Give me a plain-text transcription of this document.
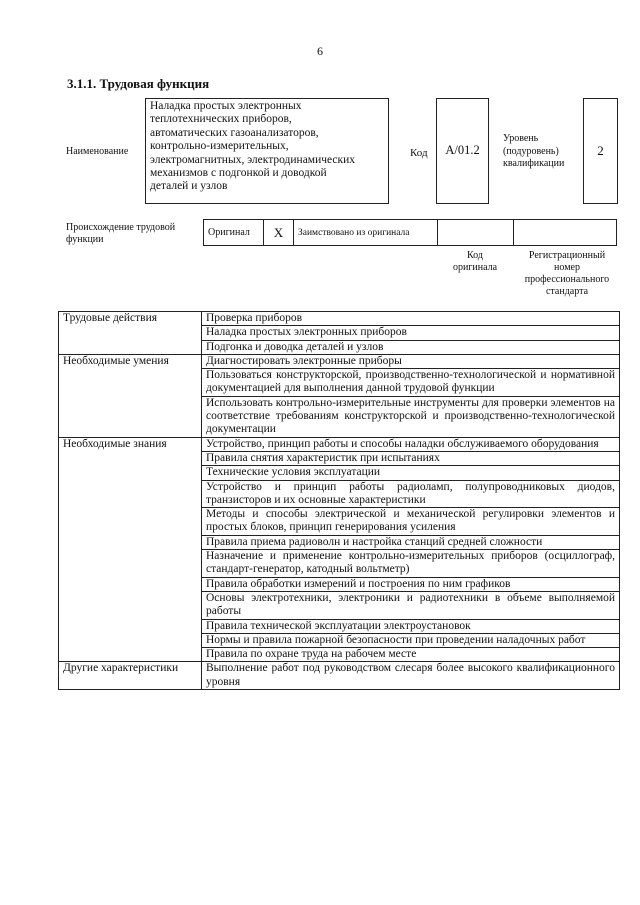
6
3.1.1. Трудовая функция
Наименование
Наладка простых электронных
теплотехнических приборов,
автоматических газоанализаторов,
контрольно-измерительных,
электромагнитных, электродинамических
механизмов с подгонкой и доводкой
деталей и узлов
Код	А/01.2
Уровень
(подуровень)
квалификации
2
Происхождение трудовой
функции
Оригинал	X	Заимствовано из оригинала		
Код
оригинала
Регистрационный
номер
профессионального
стандарта
Трудовые действия	Проверка приборов
	Наладка простых электронных приборов
	Подгонка и доводка деталей и узлов
Необходимые умения	Диагностировать электронные приборы
	Пользоваться конструкторской, производственно-технологической и нормативной документацией для выполнения данной трудовой функции
	Использовать контрольно-измерительные инструменты для проверки элементов на соответствие требованиям конструкторской и производственно-технологической документации
Необходимые знания	Устройство, принцип работы и способы наладки обслуживаемого оборудования
	Правила снятия характеристик при испытаниях
	Технические условия эксплуатации
	Устройство и принцип работы радиоламп, полупроводниковых диодов, транзисторов и их основные характеристики
	Методы и способы электрической и механической регулировки элементов и простых блоков, принцип генерирования усиления
	Правила приема радиоволн и настройка станций средней сложности
	Назначение и применение контрольно-измерительных приборов (осциллограф, стандарт-генератор, катодный вольтметр)
	Правила обработки измерений и построения по ним графиков
	Основы электротехники, электроники и радиотехники в объеме выполняемой работы
	Правила технической эксплуатации электроустановок
	Нормы и правила пожарной безопасности при проведении наладочных работ
	Правила по охране труда на рабочем месте
Другие характеристики	Выполнение работ под руководством слесаря более высокого квалификационного уровня
